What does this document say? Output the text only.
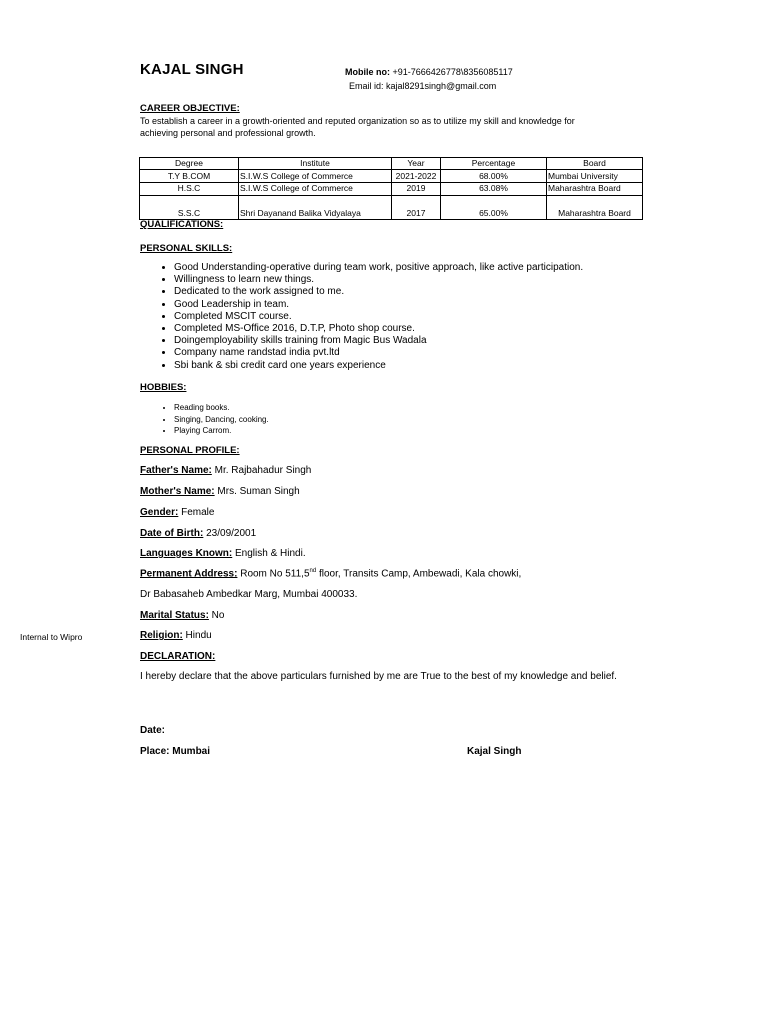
KAJAL SINGH	Mobile no: +91-7666426778\8356085117
Email id: kajal8291singh@gmail.com
CAREER OBJECTIVE:
To establish a career in a growth-oriented and reputed organization so as to utilize my skill and knowledge for achieving personal and professional growth.
Degree	Institute	Year	Percentage	Board
T.Y B.COM	S.I.W.S College of Commerce	2021-2022	68.00%	Mumbai University
H.S.C	S.I.W.S College of Commerce	2019	63.08%	Maharashtra Board
S.S.C	Shri Dayanand Balika Vidyalaya	2017	65.00%	Maharashtra Board
QUALIFICATIONS:
PERSONAL SKILLS:
• Good Understanding-operative during team work, positive approach, like active participation.
• Willingness to learn new things.
• Dedicated to the work assigned to me.
• Good Leadership in team.
• Completed MSCIT course.
• Completed MS-Office 2016, D.T.P, Photo shop course.
• Doingemployability skills training from Magic Bus Wadala
• Company name randstad india pvt.ltd
• Sbi bank & sbi credit card one years experience
HOBBIES:
• Reading books.
• Singing, Dancing, cooking.
• Playing Carrom.
PERSONAL PROFILE:
Father's Name: Mr. Rajbahadur Singh
Mother's Name: Mrs. Suman Singh
Gender: Female
Date of Birth: 23/09/2001
Languages Known: English & Hindi.
Permanent Address: Room No 511,5nd floor, Transits Camp, Ambewadi, Kala chowki,
Dr Babasaheb Ambedkar Marg, Mumbai 400033.
Marital Status: No
Religion: Hindu
Internal to Wipro
DECLARATION:
I hereby declare that the above particulars furnished by me are True to the best of my knowledge and belief.
Date:
Place: Mumbai	Kajal Singh
